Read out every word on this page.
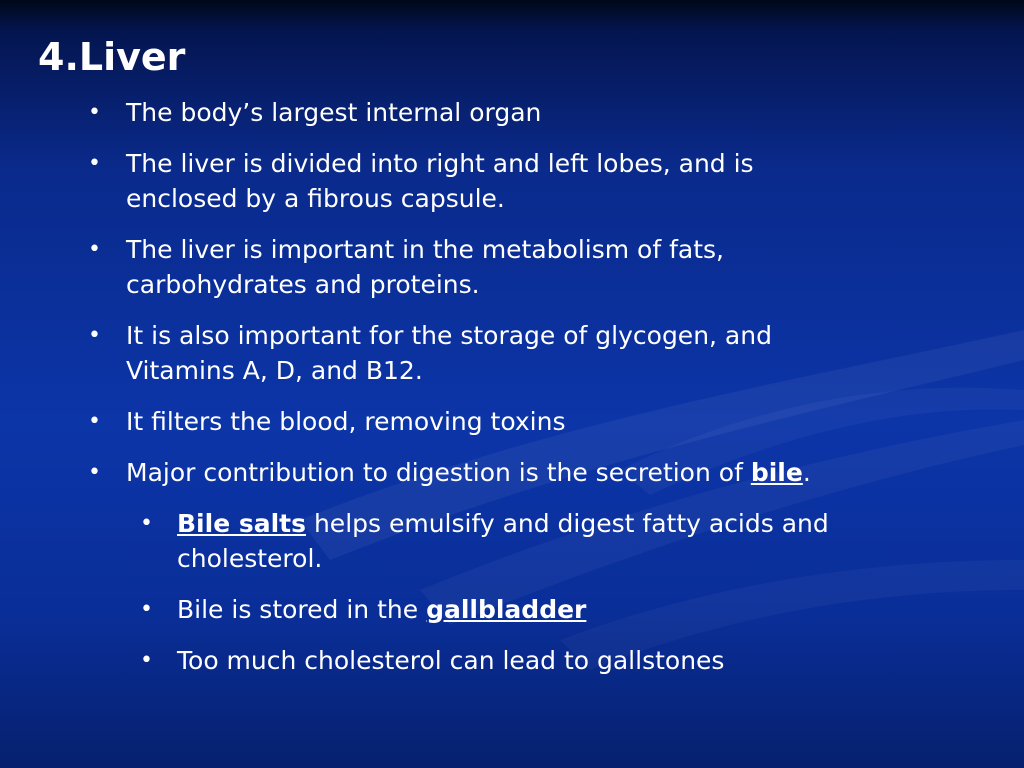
4.Liver
• The body’s largest internal organ
• The liver is divided into right and left lobes, and is enclosed by a fibrous capsule.
• The liver is important in the metabolism of fats, carbohydrates and proteins.
• It is also important for the storage of glycogen, and Vitamins A, D, and B12.
• It filters the blood, removing toxins
• Major contribution to digestion is the secretion of bile.
• Bile salts helps emulsify and digest fatty acids and cholesterol.
• Bile is stored in the gallbladder
• Too much cholesterol can lead to gallstones
